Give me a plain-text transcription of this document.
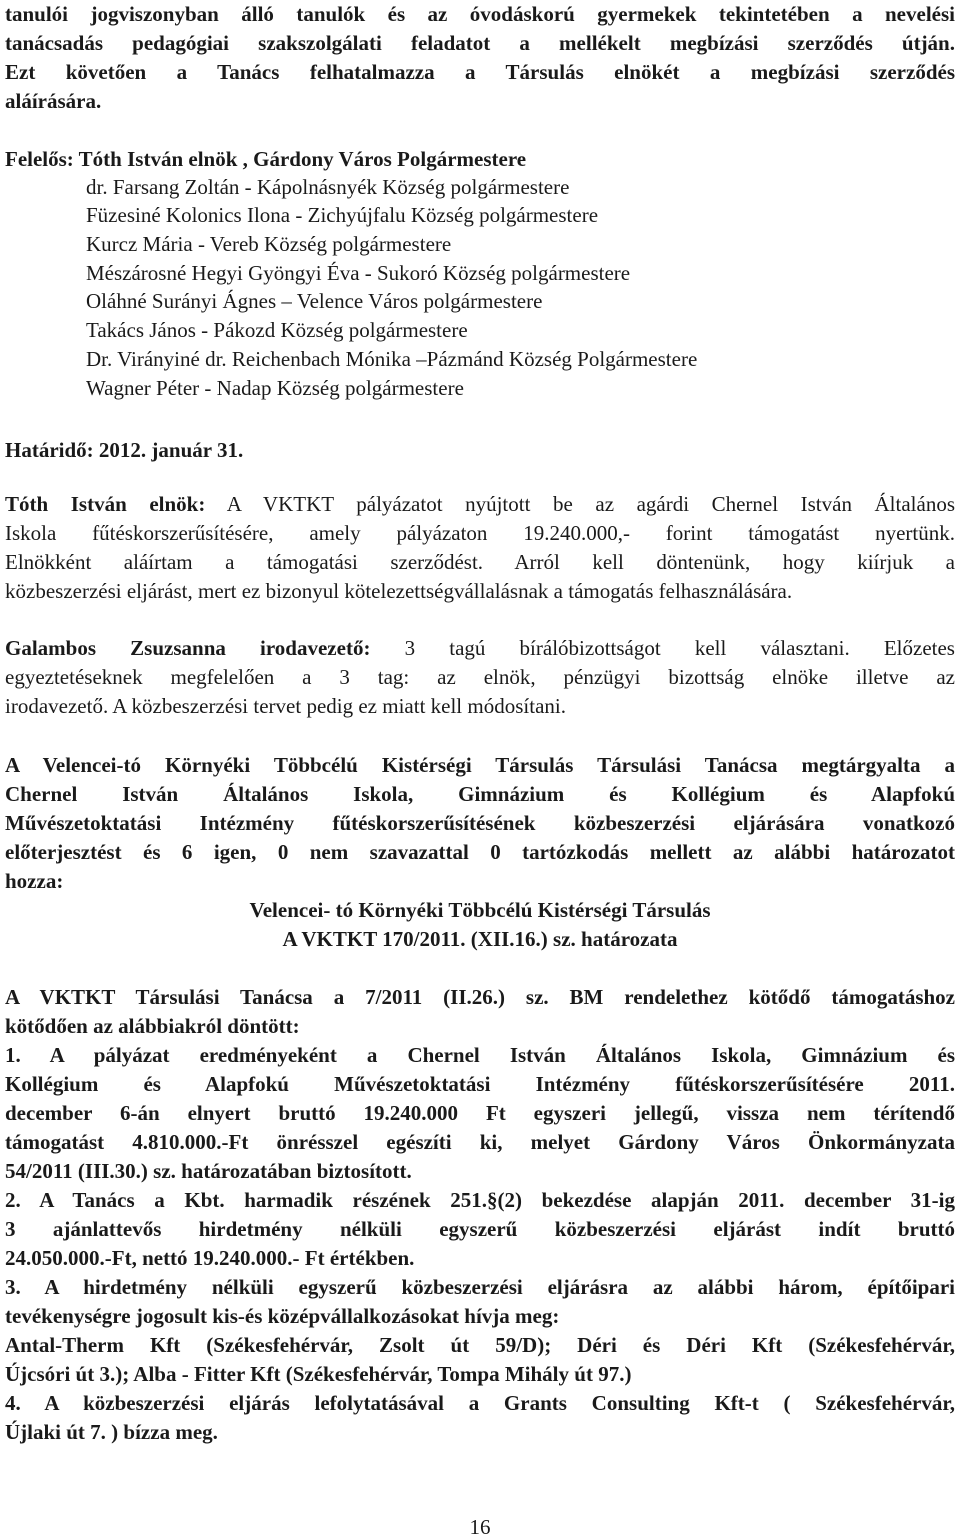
tanulói jogviszonyban álló tanulók és az óvodáskorú gyermekek tekintetében a nevelési
tanácsadás pedagógiai szakszolgálati feladatot a mellékelt megbízási szerződés útján.
Ezt követően a Tanács felhatalmazza a Társulás elnökét a megbízási szerződés
aláírására.
Felelős: Tóth István elnök , Gárdony Város Polgármestere
dr. Farsang Zoltán - Kápolnásnyék Község polgármestere
Füzesiné Kolonics Ilona - Zichyújfalu Község polgármestere
Kurcz Mária - Vereb Község polgármestere
Mészárosné Hegyi Gyöngyi Éva - Sukoró Község polgármestere
Oláhné Surányi Ágnes – Velence Város polgármestere
Takács János - Pákozd Község polgármestere
Dr. Virányiné dr. Reichenbach Mónika –Pázmánd Község Polgármestere
Wagner Péter - Nadap Község polgármestere
Határidő: 2012. január 31.
Tóth István elnök: A VKTKT pályázatot nyújtott be az agárdi Chernel István Általános
Iskola fűtéskorszerűsítésére, amely pályázaton 19.240.000,- forint támogatást nyertünk.
Elnökként aláírtam a támogatási szerződést. Arról kell döntenünk, hogy kiírjuk a
közbeszerzési eljárást, mert ez bizonyul kötelezettségvállalásnak a támogatás felhasználására.
Galambos Zsuzsanna irodavezető: 3 tagú bírálóbizottságot kell választani. Előzetes
egyeztetéseknek megfelelően a 3 tag: az elnök, pénzügyi bizottság elnöke illetve az
irodavezető. A közbeszerzési tervet pedig ez miatt kell módosítani.
A Velencei-tó Környéki Többcélú Kistérségi Társulás Társulási Tanácsa megtárgyalta a
Chernel István Általános Iskola, Gimnázium és Kollégium és Alapfokú
Művészetoktatási Intézmény fűtéskorszerűsítésének közbeszerzési eljárására vonatkozó
előterjesztést és 6 igen, 0 nem szavazattal 0 tartózkodás mellett az alábbi határozatot
hozza:
Velencei- tó Környéki Többcélú Kistérségi Társulás
A VKTKT 170/2011. (XII.16.) sz. határozata
A VKTKT Társulási Tanácsa a 7/2011 (II.26.) sz. BM rendelethez kötődő támogatáshoz
kötődően az alábbiakról döntött:
1. A pályázat eredményeként a Chernel István Általános Iskola, Gimnázium és
Kollégium és Alapfokú Művészetoktatási Intézmény fűtéskorszerűsítésére 2011.
december 6-án elnyert bruttó 19.240.000 Ft egyszeri jellegű, vissza nem térítendő
támogatást 4.810.000.-Ft önrésszel egészíti ki, melyet Gárdony Város Önkormányzata
54/2011 (III.30.) sz. határozatában biztosított.
2. A Tanács a Kbt. harmadik részének 251.§(2) bekezdése alapján 2011. december 31-ig
3 ajánlattevős hirdetmény nélküli egyszerű közbeszerzési eljárást indít bruttó
24.050.000.-Ft, nettó 19.240.000.- Ft értékben.
3. A hirdetmény nélküli egyszerű közbeszerzési eljárásra az alábbi három, építőipari
tevékenységre jogosult kis-és középvállalkozásokat hívja meg:
Antal-Therm Kft (Székesfehérvár, Zsolt út 59/D); Déri és Déri Kft (Székesfehérvár,
Újcsóri út 3.); Alba - Fitter Kft (Székesfehérvár, Tompa Mihály út 97.)
4. A közbeszerzési eljárás lefolytatásával a Grants Consulting Kft-t ( Székesfehérvár,
Újlaki út 7. ) bízza meg.
16
